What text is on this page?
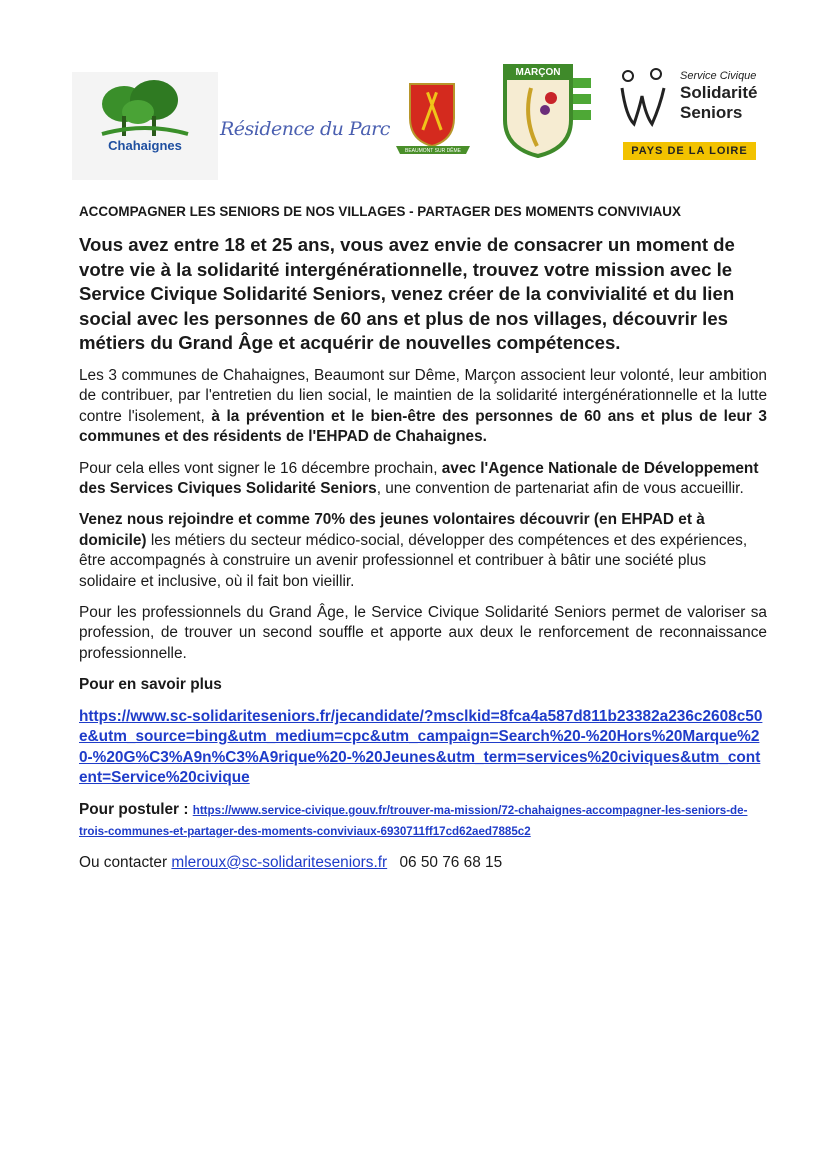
Chahaignes
Résidence du Parc
BEAUMONT SUR DÊME
MARÇON	Service Civique
Solidarité
Seniors
PAYS DE LA LOIRE
ACCOMPAGNER LES SENIORS DE NOS VILLAGES - PARTAGER DES MOMENTS CONVIVIAUX
Vous avez entre 18 et 25 ans, vous avez envie de consacrer un moment de votre vie à la solidarité intergénérationnelle, trouvez votre mission avec le Service Civique Solidarité Seniors, venez créer de la convivialité et du lien social avec les personnes de 60 ans et plus de nos villages, découvrir les métiers du Grand Âge et acquérir de nouvelles compétences.

Les 3 communes de Chahaignes, Beaumont sur Dême, Marçon associent leur volonté, leur ambition de contribuer, par l'entretien du lien social, le maintien de la solidarité intergénérationnelle et la lutte contre l'isolement, à la prévention et le bien-être des personnes de 60 ans et plus de leur 3 communes et des résidents de l'EHPAD de Chahaignes.

Pour cela elles vont signer le 16 décembre prochain, avec l'Agence Nationale de Développement des Services Civiques Solidarité Seniors, une convention de partenariat afin de vous accueillir.

Venez nous rejoindre et comme 70% des jeunes volontaires découvrir (en EHPAD et à domicile) les métiers du secteur médico-social, développer des compétences et des expériences, être accompagnés à construire un avenir professionnel et contribuer à bâtir une société plus solidaire et inclusive, où il fait bon vieillir.

Pour les professionnels du Grand Âge, le Service Civique Solidarité Seniors permet de valoriser sa profession, de trouver un second souffle et apporte aux deux le renforcement de reconnaissance professionnelle.

Pour en savoir plus

https://www.sc-solidariteseniors.fr/jecandidate/?msclkid=8fca4a587d811b23382a236c2608c50e&utm_source=bing&utm_medium=cpc&utm_campaign=Search%20-%20Hors%20Marque%20-%20G%C3%A9n%C3%A9rique%20-%20Jeunes&utm_term=services%20civiques&utm_content=Service%20civique

Pour postuler : https://www.service-civique.gouv.fr/trouver-ma-mission/72-chahaignes-accompagner-les-seniors-de-trois-communes-et-partager-des-moments-conviviaux-6930711ff17cd62aed7885c2

Ou contacter mleroux@sc-solidariteseniors.fr 06 50 76 68 15
